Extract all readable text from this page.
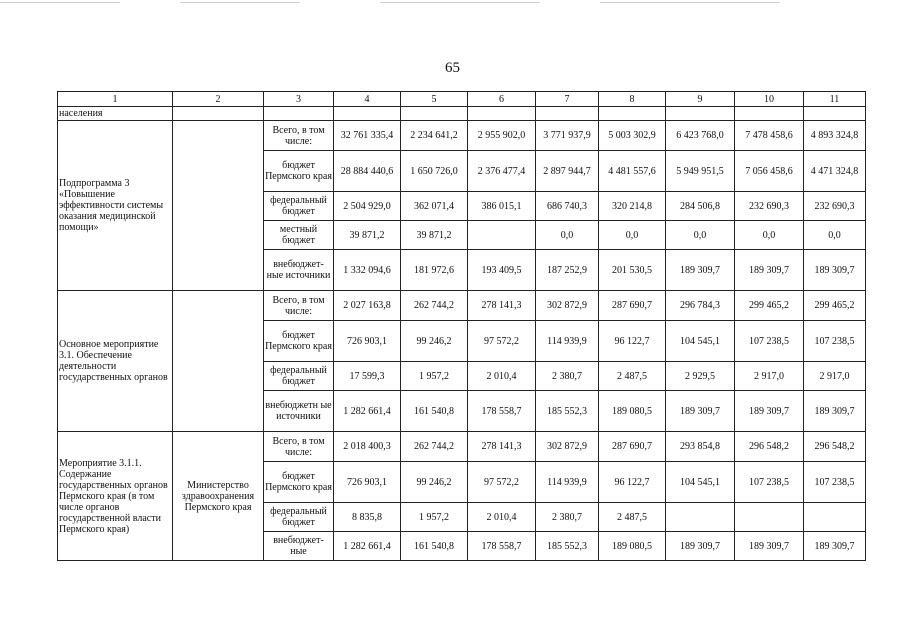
65
1	2	3	4	5	6	7	8	9	10	11
населения										
Подпрограмма 3 «Повышение эффективности системы оказания медицинской помощи»		Всего, в том числе:	32 761 335,4	2 234 641,2	2 955 902,0	3 771 937,9	5 003 302,9	6 423 768,0	7 478 458,6	4 893 324,8
		бюджет Пермского края	28 884 440,6	1 650 726,0	2 376 477,4	2 897 944,7	4 481 557,6	5 949 951,5	7 056 458,6	4 471 324,8
		федеральный бюджет	2 504 929,0	362 071,4	386 015,1	686 740,3	320 214,8	284 506,8	232 690,3	232 690,3
		местный бюджет	39 871,2	39 871,2		0,0	0,0	0,0	0,0	0,0
		внебюджет-ные источники	1 332 094,6	181 972,6	193 409,5	187 252,9	201 530,5	189 309,7	189 309,7	189 309,7
Основное мероприятие 3.1. Обеспечение деятельности государственных органов		Всего, в том числе:	2 027 163,8	262 744,2	278 141,3	302 872,9	287 690,7	296 784,3	299 465,2	299 465,2
		бюджет Пермского края	726 903,1	99 246,2	97 572,2	114 939,9	96 122,7	104 545,1	107 238,5	107 238,5
		федеральный бюджет	17 599,3	1 957,2	2 010,4	2 380,7	2 487,5	2 929,5	2 917,0	2 917,0
		внебюджетн ые источники	1 282 661,4	161 540,8	178 558,7	185 552,3	189 080,5	189 309,7	189 309,7	189 309,7
Мероприятие 3.1.1. Содержание государственных органов Пермского края (в том числе органов государственной власти Пермского края)	Министерство здравоохранения Пермского края	Всего, в том числе:	2 018 400,3	262 744,2	278 141,3	302 872,9	287 690,7	293 854,8	296 548,2	296 548,2
		бюджет Пермского края	726 903,1	99 246,2	97 572,2	114 939,9	96 122,7	104 545,1	107 238,5	107 238,5
		федеральный бюджет	8 835,8	1 957,2	2 010,4	2 380,7	2 487,5			
		внебюджет-ные	1 282 661,4	161 540,8	178 558,7	185 552,3	189 080,5	189 309,7	189 309,7	189 309,7
